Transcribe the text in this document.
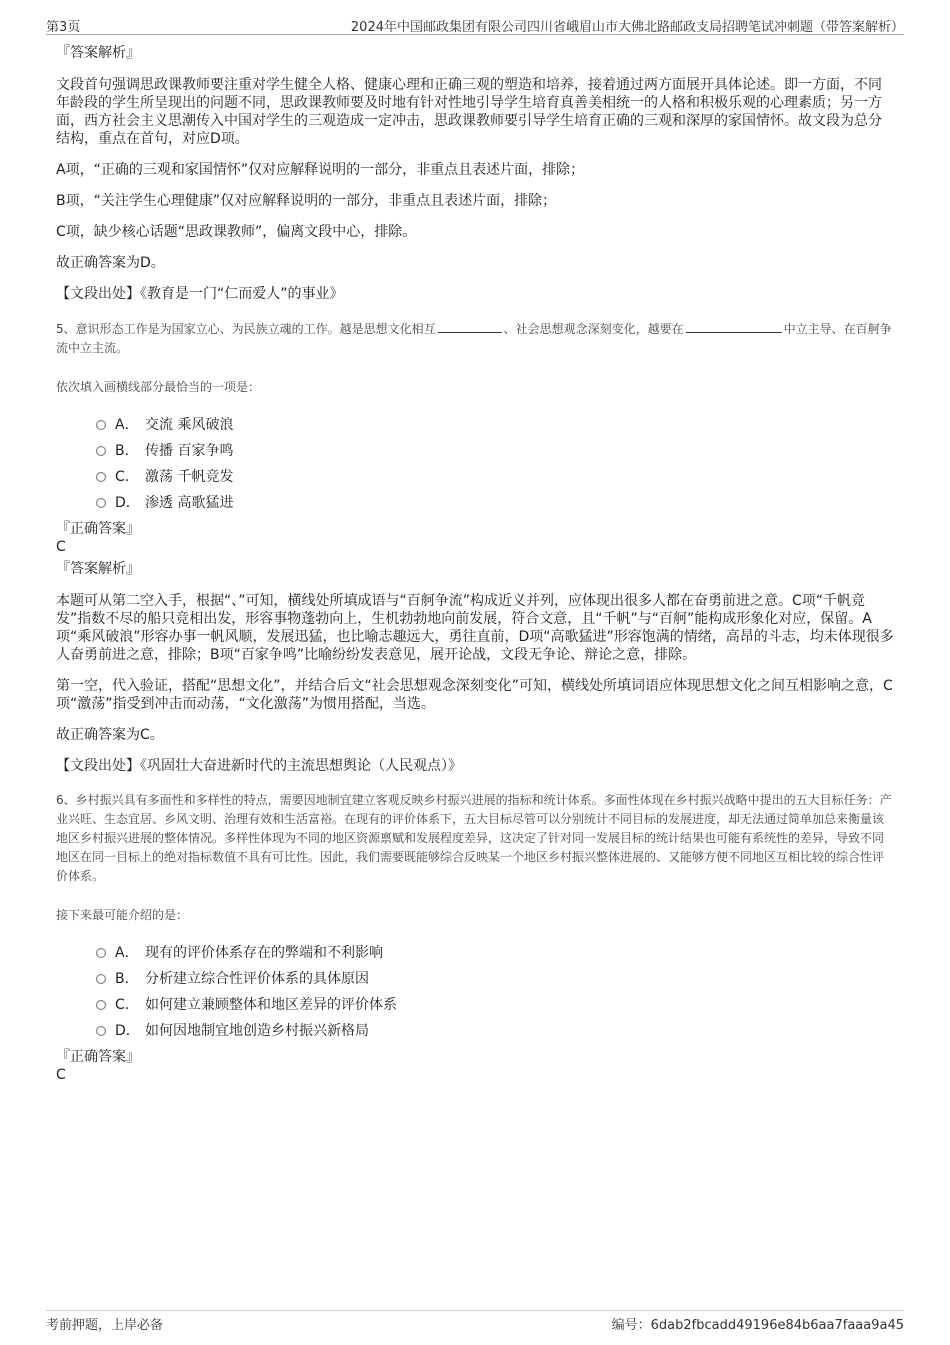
第3页	2024年中国邮政集团有限公司四川省峨眉山市大佛北路邮政支局招聘笔试冲刺题（带答案解析）

『答案解析』

文段首句强调思政课教师要注重对学生健全人格、健康心理和正确三观的塑造和培养，接着通过两方面展开具体论述。即一方面，不同年龄段的学生所呈现出的问题不同，思政课教师要及时地有针对性地引导学生培育真善美相统一的人格和积极乐观的心理素质；另一方面，西方社会主义思潮传入中国对学生的三观造成一定冲击，思政课教师要引导学生培育正确的三观和深厚的家国情怀。故文段为总分结构，重点在首句，对应D项。

A项，“正确的三观和家国情怀”仅对应解释说明的一部分，非重点且表述片面，排除；

B项，“关注学生心理健康”仅对应解释说明的一部分，非重点且表述片面，排除；

C项，缺少核心话题“思政课教师”，偏离文段中心，排除。

故正确答案为D。

【文段出处】《教育是一门“仁而爱人”的事业》

5、意识形态工作是为国家立心、为民族立魂的工作。越是思想文化相互	、社会思想观念深刻变化，越要在	中立主导、在百舸争流中立主流。

依次填入画横线部分最恰当的一项是：

A． 交流 乘风破浪
B． 传播 百家争鸣
C． 激荡 千帆竞发
D． 渗透 高歌猛进

『正确答案』

C

『答案解析』

本题可从第二空入手，根据“、”可知，横线处所填成语与“百舸争流”构成近义并列，应体现出很多人都在奋勇前进之意。C项“千帆竞发”指数不尽的船只竞相出发，形容事物蓬勃向上，生机勃勃地向前发展，符合文意，且“千帆”与“百舸”能构成形象化对应，保留。A项“乘风破浪”形容办事一帆风顺，发展迅猛，也比喻志趣远大，勇往直前，D项“高歌猛进”形容饱满的情绪，高昂的斗志，均未体现很多人奋勇前进之意，排除；B项“百家争鸣”比喻纷纷发表意见，展开论战，文段无争论、辩论之意，排除。

第一空，代入验证，搭配“思想文化”，并结合后文“社会思想观念深刻变化”可知，横线处所填词语应体现思想文化之间互相影响之意，C项“激荡”指受到冲击而动荡，“文化激荡”为惯用搭配，当选。

故正确答案为C。

【文段出处】《巩固壮大奋进新时代的主流思想舆论（人民观点）》

6、乡村振兴具有多面性和多样性的特点，需要因地制宜建立客观反映乡村振兴进展的指标和统计体系。多面性体现在乡村振兴战略中提出的五大目标任务：产业兴旺、生态宜居、乡风文明、治理有效和生活富裕。在现有的评价体系下，五大目标尽管可以分别统计不同目标的发展进度，却无法通过简单加总来衡量该地区乡村振兴进展的整体情况。多样性体现为不同的地区资源禀赋和发展程度差异，这决定了针对同一发展目标的统计结果也可能有系统性的差异，导致不同地区在同一目标上的绝对指标数值不具有可比性。因此，我们需要既能够综合反映某一个地区乡村振兴整体进展的、又能够方便不同地区互相比较的综合性评价体系。

接下来最可能介绍的是：

A． 现有的评价体系存在的弊端和不利影响
B． 分析建立综合性评价体系的具体原因
C． 如何建立兼顾整体和地区差异的评价体系
D． 如何因地制宜地创造乡村振兴新格局

『正确答案』

C

考前押题，上岸必备	编号：6dab2fbcadd49196e84b6aa7faaa9a45
